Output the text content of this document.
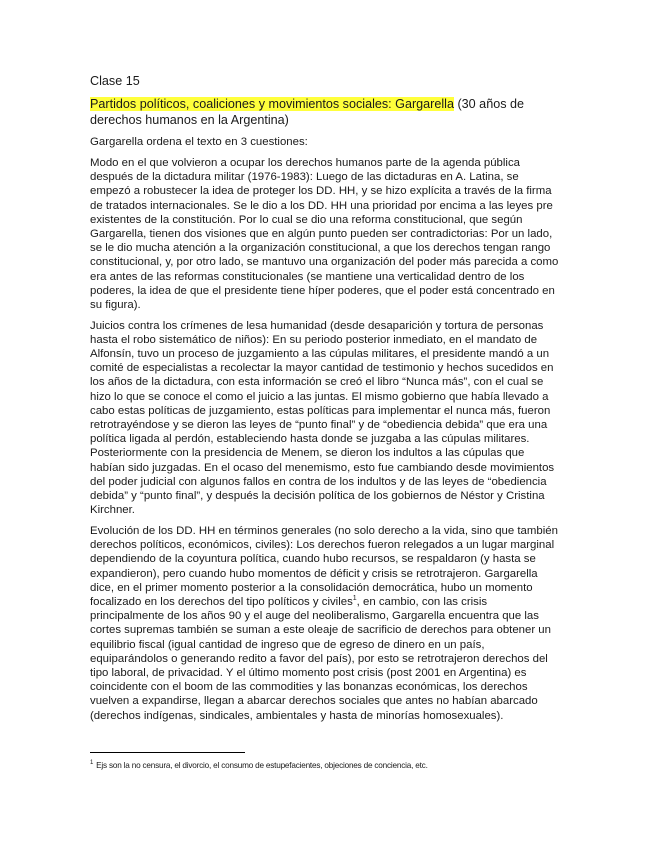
Clase 15
Partidos políticos, coaliciones y movimientos sociales: Gargarella (30 años de derechos humanos en la Argentina)

Gargarella ordena el texto en 3 cuestiones:

Modo en el que volvieron a ocupar los derechos humanos parte de la agenda pública después de la dictadura militar (1976-1983): Luego de las dictaduras en A. Latina, se empezó a robustecer la idea de proteger los DD. HH, y se hizo explícita a través de la firma de tratados internacionales. Se le dio a los DD. HH una prioridad por encima a las leyes pre existentes de la constitución. Por lo cual se dio una reforma constitucional, que según Gargarella, tienen dos visiones que en algún punto pueden ser contradictorias: Por un lado, se le dio mucha atención a la organización constitucional, a que los derechos tengan rango constitucional, y, por otro lado, se mantuvo una organización del poder más parecida a como era antes de las reformas constitucionales (se mantiene una verticalidad dentro de los poderes, la idea de que el presidente tiene híper poderes, que el poder está concentrado en su figura).

Juicios contra los crímenes de lesa humanidad (desde desaparición y tortura de personas hasta el robo sistemático de niños): En su periodo posterior inmediato, en el mandato de Alfonsín, tuvo un proceso de juzgamiento a las cúpulas militares, el presidente mandó a un comité de especialistas a recolectar la mayor cantidad de testimonio y hechos sucedidos en los años de la dictadura, con esta información se creó el libro “Nunca más”, con el cual se hizo lo que se conoce el como el juicio a las juntas. El mismo gobierno que había llevado a cabo estas políticas de juzgamiento, estas políticas para implementar el nunca más, fueron retrotrayéndose y se dieron las leyes de “punto final” y de “obediencia debida” que era una política ligada al perdón, estableciendo hasta donde se juzgaba a las cúpulas militares. Posteriormente con la presidencia de Menem, se dieron los indultos a las cúpulas que habían sido juzgadas. En el ocaso del menemismo, esto fue cambiando desde movimientos del poder judicial con algunos fallos en contra de los indultos y de las leyes de “obediencia debida” y “punto final”, y después la decisión política de los gobiernos de Néstor y Cristina Kirchner.

Evolución de los DD. HH en términos generales (no solo derecho a la vida, sino que también derechos políticos, económicos, civiles): Los derechos fueron relegados a un lugar marginal dependiendo de la coyuntura política, cuando hubo recursos, se respaldaron (y hasta se expandieron), pero cuando hubo momentos de déficit y crisis se retrotrajeron. Gargarella dice, en el primer momento posterior a la consolidación democrática, hubo un momento focalizado en los derechos del tipo políticos y civiles$^1$, en cambio, con las crisis principalmente de los años 90 y el auge del neoliberalismo, Gargarella encuentra que las cortes supremas también se suman a este oleaje de sacrificio de derechos para obtener un equilibrio fiscal (igual cantidad de ingreso que de egreso de dinero en un país, equiparándolos o generando redito a favor del país), por esto se retrotrajeron derechos del tipo laboral, de privacidad. Y el último momento post crisis (post 2001 en Argentina) es coincidente con el boom de las commodities y las bonanzas económicas, los derechos vuelven a expandirse, llegan a abarcar derechos sociales que antes no habían abarcado (derechos indígenas, sindicales, ambientales y hasta de minorías homosexuales).

$^1$ Ejs son la no censura, el divorcio, el consumo de estupefacientes, objeciones de conciencia, etc.
